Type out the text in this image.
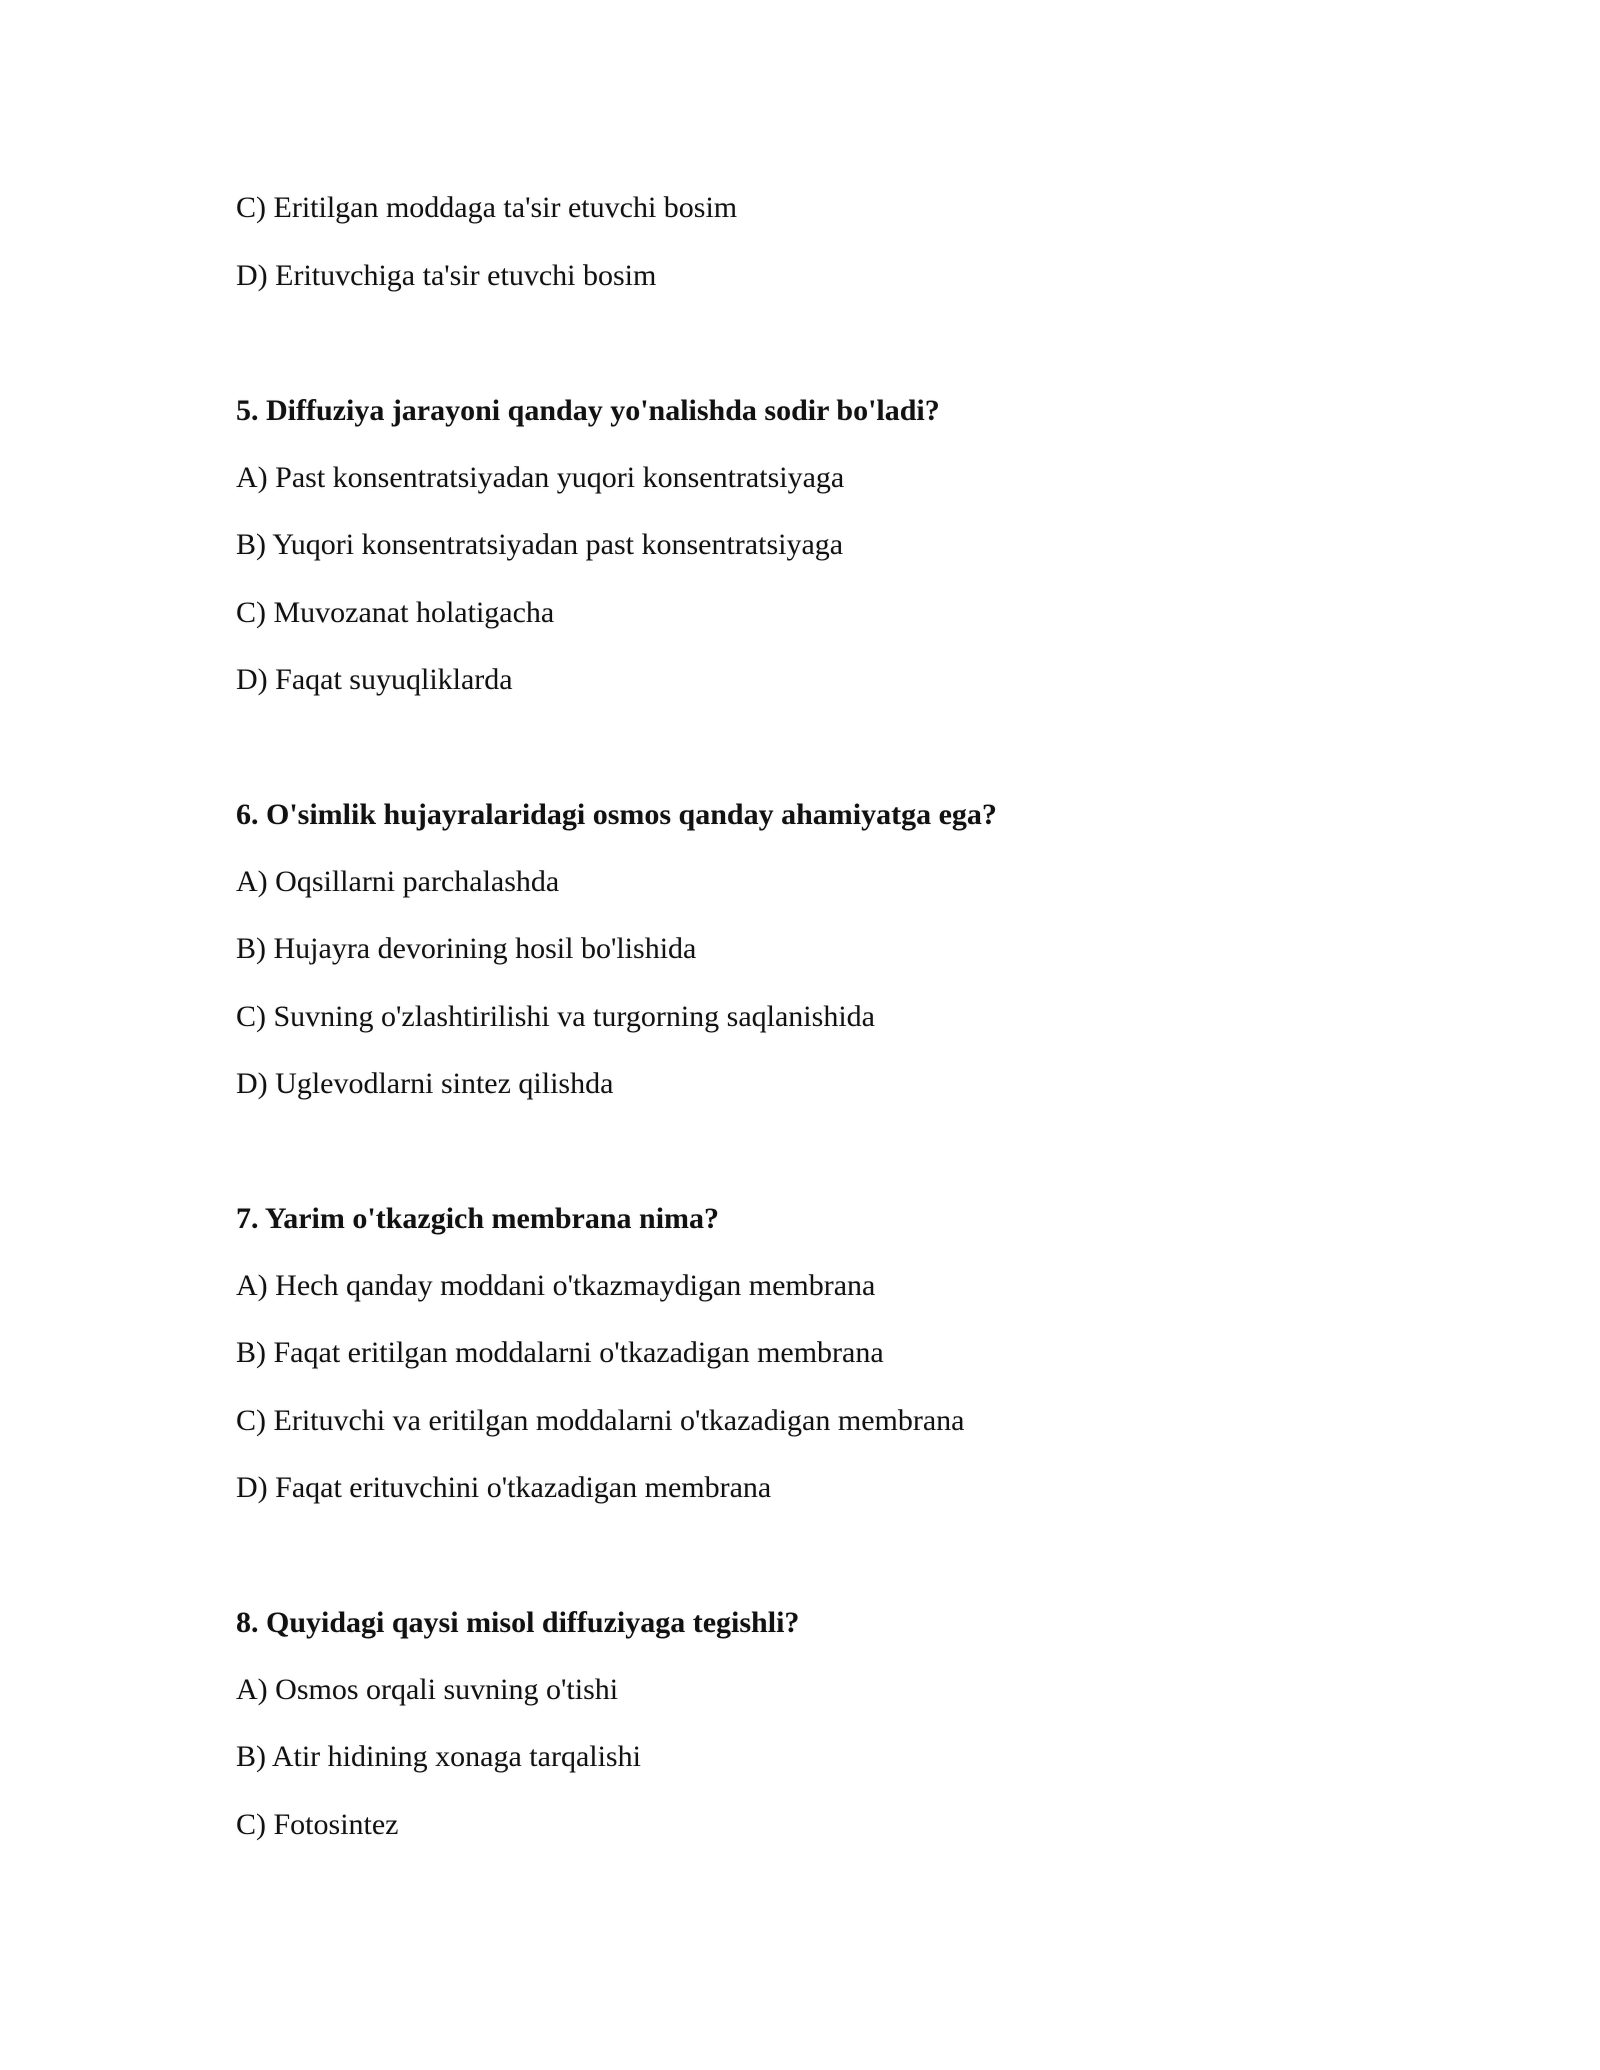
C) Eritilgan moddaga ta'sir etuvchi bosim
D) Erituvchiga ta'sir etuvchi bosim
5. Diffuziya jarayoni qanday yo'nalishda sodir bo'ladi?
A) Past konsentratsiyadan yuqori konsentratsiyaga
B) Yuqori konsentratsiyadan past konsentratsiyaga
C) Muvozanat holatigacha
D) Faqat suyuqliklarda
6. O'simlik hujayralaridagi osmos qanday ahamiyatga ega?
A) Oqsillarni parchalashda
B) Hujayra devorining hosil bo'lishida
C) Suvning o'zlashtirilishi va turgorning saqlanishida
D) Uglevodlarni sintez qilishda
7. Yarim o'tkazgich membrana nima?
A) Hech qanday moddani o'tkazmaydigan membrana
B) Faqat eritilgan moddalarni o'tkazadigan membrana
C) Erituvchi va eritilgan moddalarni o'tkazadigan membrana
D) Faqat erituvchini o'tkazadigan membrana
8. Quyidagi qaysi misol diffuziyaga tegishli?
A) Osmos orqali suvning o'tishi
B) Atir hidining xonaga tarqalishi
C) Fotosintez
